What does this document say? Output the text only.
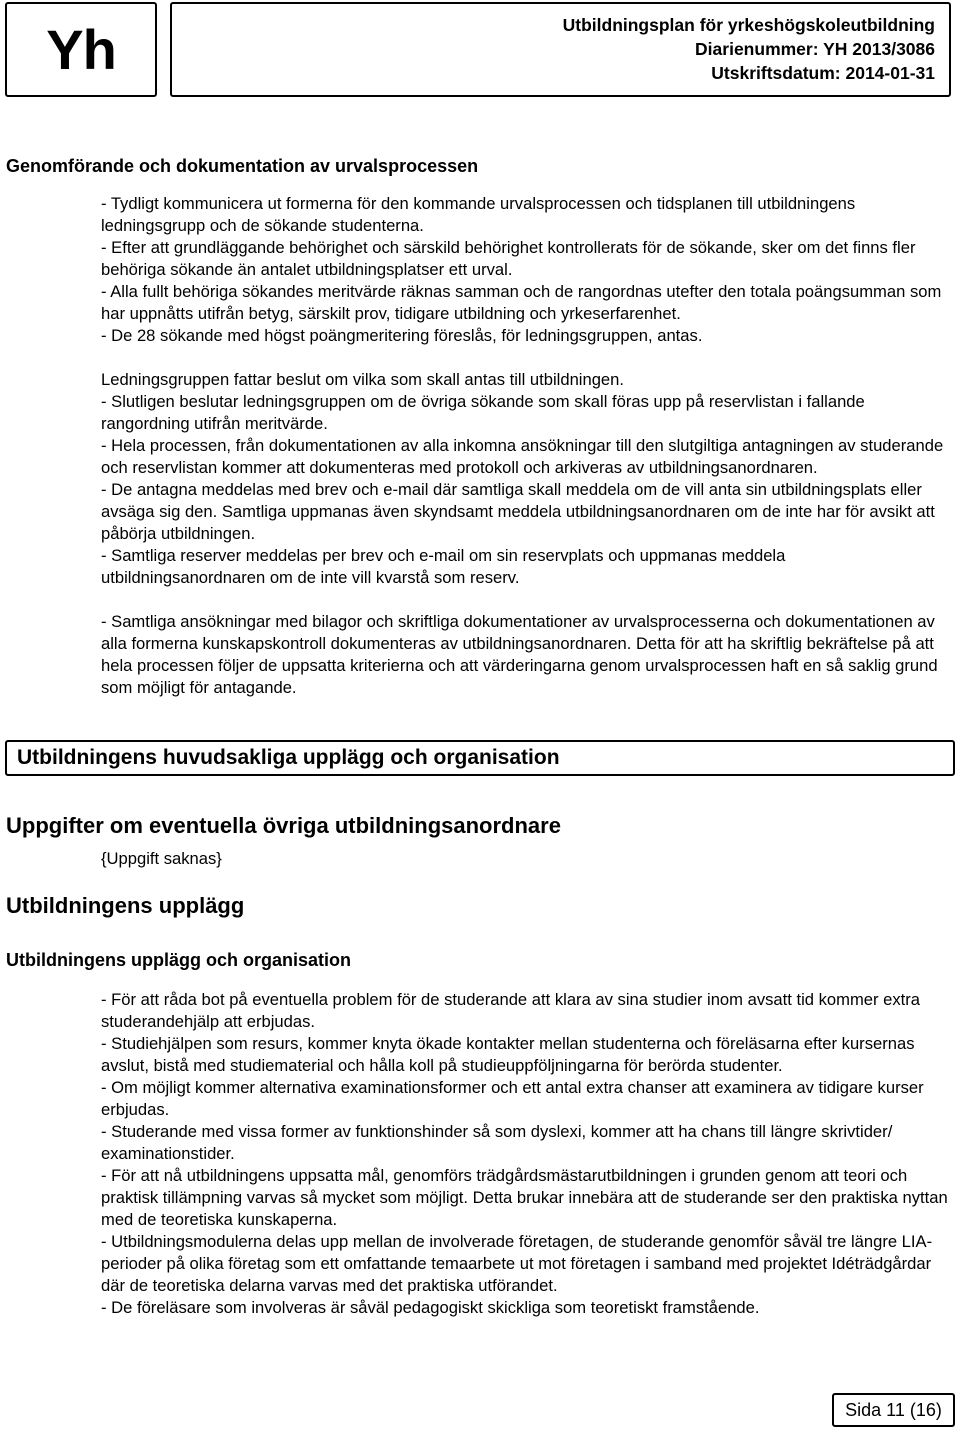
Yh	Utbildningsplan för yrkeshögskoleutbildning
Diarienummer: YH 2013/3086
Utskriftsdatum: 2014-01-31
Genomförande och dokumentation av urvalsprocessen

- Tydligt kommunicera ut formerna för den kommande urvalsprocessen och tidsplanen till utbildningens ledningsgrupp och de sökande studenterna.

- Efter att grundläggande behörighet och särskild behörighet kontrollerats för de sökande, sker om det finns fler behöriga sökande än antalet utbildningsplatser ett urval.

- Alla fullt behöriga sökandes meritvärde räknas samman och de rangordnas utefter den totala poängsumman som har uppnåtts utifrån betyg, särskilt prov, tidigare utbildning och yrkeserfarenhet.

- De 28 sökande med högst poängmeritering föreslås, för ledningsgruppen, antas.

Ledningsgruppen fattar beslut om vilka som skall antas till utbildningen.

- Slutligen beslutar ledningsgruppen om de övriga sökande som skall föras upp på reservlistan i fallande rangordning utifrån meritvärde.

- Hela processen, från dokumentationen av alla inkomna ansökningar till den slutgiltiga antagningen av studerande och reservlistan kommer att dokumenteras med protokoll och arkiveras av utbildningsanordnaren.

- De antagna meddelas med brev och e-mail där samtliga skall meddela om de vill anta sin utbildningsplats eller avsäga sig den. Samtliga uppmanas även skyndsamt meddela utbildningsanordnaren om de inte har för avsikt att påbörja utbildningen.

- Samtliga reserver meddelas per brev och e-mail om sin reservplats och uppmanas meddela utbildningsanordnaren om de inte vill kvarstå som reserv.

- Samtliga ansökningar med bilagor och skriftliga dokumentationer av urvalsprocesserna och dokumentationen av alla formerna kunskapskontroll dokumenteras av utbildningsanordnaren. Detta för att ha skriftlig bekräftelse på att hela processen följer de uppsatta kriterierna och att värderingarna genom urvalsprocessen haft en så saklig grund som möjligt för antagande.

Utbildningens huvudsakliga upplägg och organisation
Uppgifter om eventuella övriga utbildningsanordnare
{Uppgift saknas}
Utbildningens upplägg
Utbildningens upplägg och organisation

- För att råda bot på eventuella problem för de studerande att klara av sina studier inom avsatt tid kommer extra studerandehjälp att erbjudas.

- Studiehjälpen som resurs, kommer knyta ökade kontakter mellan studenterna och föreläsarna efter kursernas avslut, bistå med studiematerial och hålla koll på studieuppföljningarna för berörda studenter.

- Om möjligt kommer alternativa examinationsformer och ett antal extra chanser att examinera av tidigare kurser erbjudas.

- Studerande med vissa former av funktionshinder så som dyslexi, kommer att ha chans till längre skrivtider/ examinationstider.

- För att nå utbildningens uppsatta mål, genomförs trädgårdsmästarutbildningen i grunden genom att teori och praktisk tillämpning varvas så mycket som möjligt. Detta brukar innebära att de studerande ser den praktiska nyttan med de teoretiska kunskaperna.

- Utbildningsmodulerna delas upp mellan de involverade företagen, de studerande genomför såväl tre längre LIA-perioder på olika företag som ett omfattande temaarbete ut mot företagen i samband med projektet Idéträdgårdar där de teoretiska delarna varvas med det praktiska utförandet.

- De föreläsare som involveras är såväl pedagogiskt skickliga som teoretiskt framstående.

Sida 11 (16)
